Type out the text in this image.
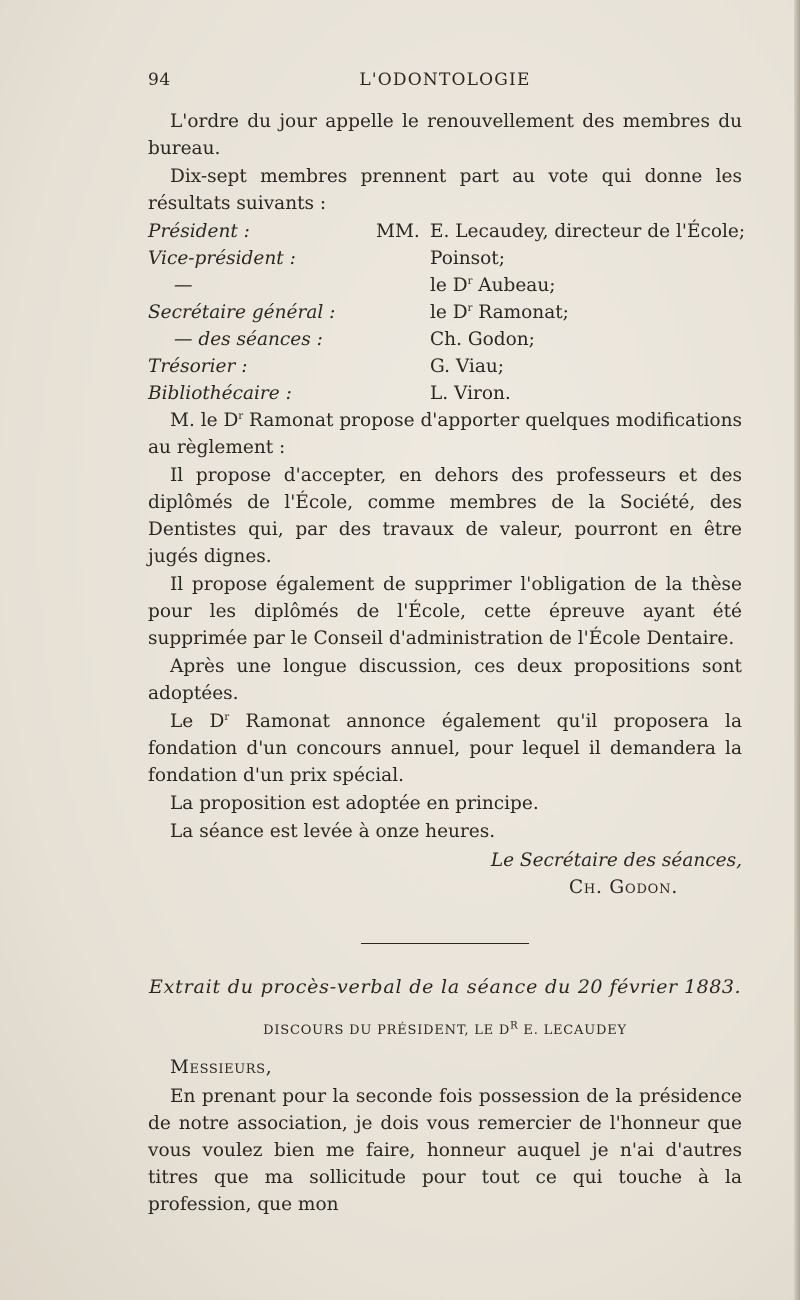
94	L'ODONTOLOGIE

L'ordre du jour appelle le renouvellement des membres du bureau.

Dix-sept membres prennent part au vote qui donne les résultats suivants :

Président :	MM. E. Lecaudey, directeur de l'École;
Vice-président :	Poinsot;
—	le $D^r$ Aubeau;
Secrétaire général :	le $D^r$ Ramonat;
— des séances :	Ch. Godon;
Trésorier :	G. Viau;
Bibliothécaire :	L. Viron.

M. le $D^r$ Ramonat propose d'apporter quelques modifications au règlement :

Il propose d'accepter, en dehors des professeurs et des diplômés de l'École, comme membres de la Société, des Dentistes qui, par des travaux de valeur, pourront en être jugés dignes.

Il propose également de supprimer l'obligation de la thèse pour les diplômés de l'École, cette épreuve ayant été supprimée par le Conseil d'administration de l'École Dentaire.

Après une longue discussion, ces deux propositions sont adoptées.

Le $D^r$ Ramonat annonce également qu'il proposera la fondation d'un concours annuel, pour lequel il demandera la fondation d'un prix spécial.

La proposition est adoptée en principe.

La séance est levée à onze heures.

Le Secrétaire des séances,
Ch. Godon.

Extrait du procès-verbal de la séance du 20 février 1883.

DISCOURS DU PRÉSIDENT, LE $D^R$ E. LECAUDEY

Messieurs,

En prenant pour la seconde fois possession de la présidence de notre association, je dois vous remercier de l'honneur que vous voulez bien me faire, honneur auquel je n'ai d'autres titres que ma sollicitude pour tout ce qui touche à la profession, que mon
